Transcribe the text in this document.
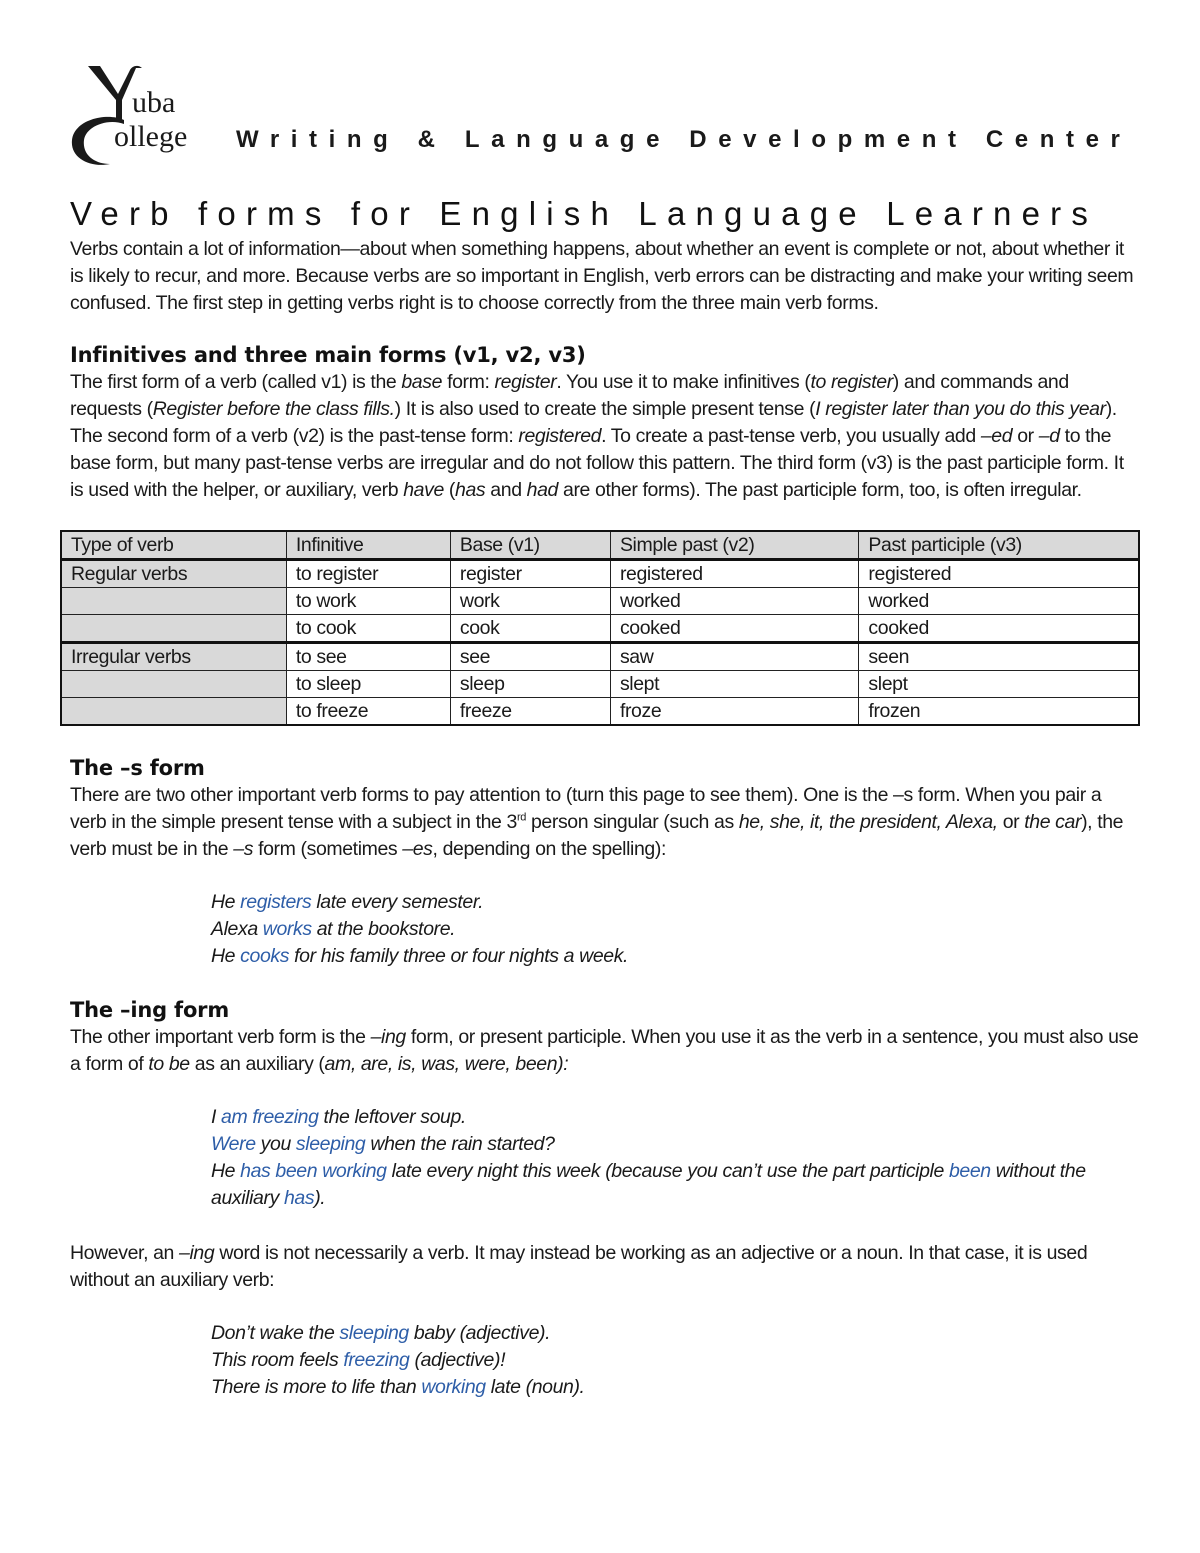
uba
ollege Writing & Language Development Center
Verb forms for English Language Learners

Verbs contain a lot of information—about when something happens, about whether an event is complete or not, about whether it is likely to recur, and more. Because verbs are so important in English, verb errors can be distracting and make your writing seem confused. The first step in getting verbs right is to choose correctly from the three main verb forms.

Infinitives and three main forms (v1, v2, v3)

The first form of a verb (called v1) is the base form: register. You use it to make infinitives (to register) and commands and requests (Register before the class fills.) It is also used to create the simple present tense (I register later than you do this year). The second form of a verb (v2) is the past-tense form: registered. To create a past-tense verb, you usually add –ed or –d to the base form, but many past-tense verbs are irregular and do not follow this pattern. The third form (v3) is the past participle form. It is used with the helper, or auxiliary, verb have (has and had are other forms). The past participle form, too, is often irregular.

Type of verb	Infinitive	Base (v1)	Simple past (v2)	Past participle (v3)
Regular verbs	to register	register	registered	registered
	to work	work	worked	worked
	to cook	cook	cooked	cooked
Irregular verbs	to see	see	saw	seen
	to sleep	sleep	slept	slept
	to freeze	freeze	froze	frozen
The –s form

There are two other important verb forms to pay attention to (turn this page to see them). One is the –s form. When you pair a verb in the simple present tense with a subject in the 3rd person singular (such as he, she, it, the president, Alexa, or the car), the verb must be in the –s form (sometimes –es, depending on the spelling):

He registers late every semester.

Alexa works at the bookstore.

He cooks for his family three or four nights a week.

The –ing form

The other important verb form is the –ing form, or present participle. When you use it as the verb in a sentence, you must also use a form of to be as an auxiliary (am, are, is, was, were, been):

I am freezing the leftover soup.

Were you sleeping when the rain started?

He has been working late every night this week (because you can’t use the part participle been without the auxiliary has).

However, an –ing word is not necessarily a verb. It may instead be working as an adjective or a noun. In that case, it is used without an auxiliary verb:

Don’t wake the sleeping baby (adjective).

This room feels freezing (adjective)!

There is more to life than working late (noun).
